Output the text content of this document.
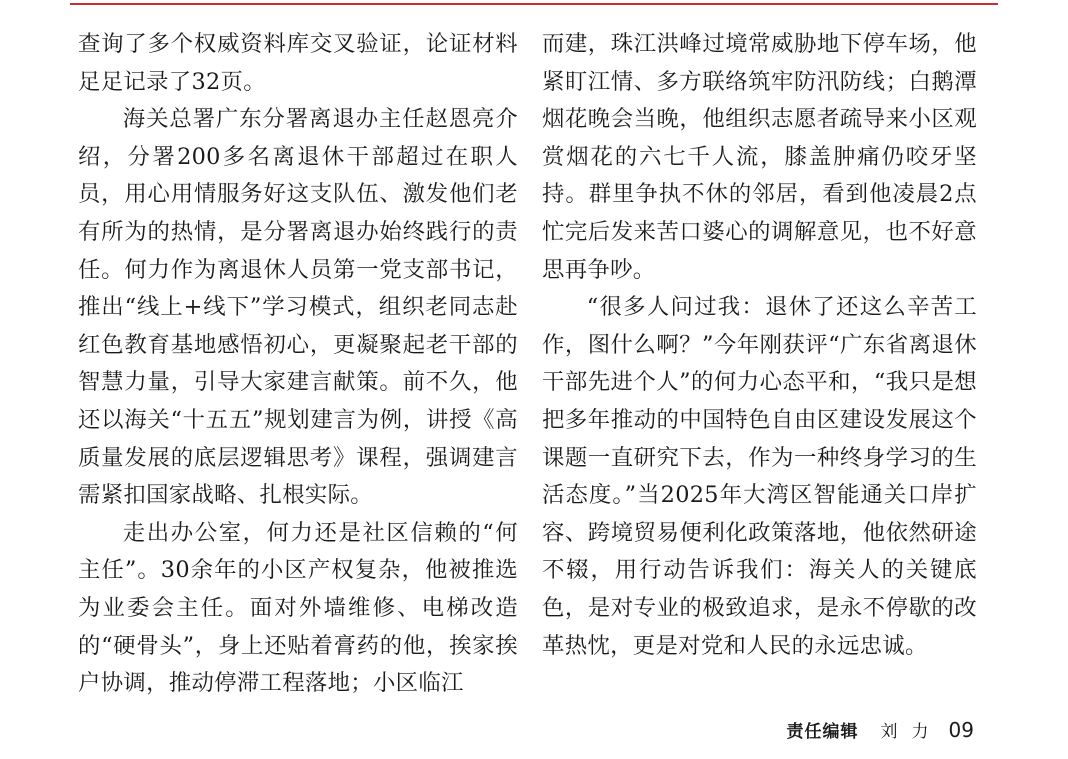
查询了多个权威资料库交叉验证，论证材料足足记录了32页。

海关总署广东分署离退办主任赵恩亮介绍，分署200多名离退休干部超过在职人员，用心用情服务好这支队伍、激发他们老有所为的热情，是分署离退办始终践行的责任。何力作为离退休人员第一党支部书记，推出“线上+线下”学习模式，组织老同志赴红色教育基地感悟初心，更凝聚起老干部的智慧力量，引导大家建言献策。前不久，他还以海关“十五五”规划建言为例，讲授《高质量发展的底层逻辑思考》课程，强调建言需紧扣国家战略、扎根实际。

走出办公室，何力还是社区信赖的“何主任”。30余年的小区产权复杂，他被推选为业委会主任。面对外墙维修、电梯改造的“硬骨头”，身上还贴着膏药的他，挨家挨户协调，推动停滞工程落地；小区临江

而建，珠江洪峰过境常威胁地下停车场，他紧盯江情、多方联络筑牢防汛防线；白鹅潭烟花晚会当晚，他组织志愿者疏导来小区观赏烟花的六七千人流，膝盖肿痛仍咬牙坚持。群里争执不休的邻居，看到他凌晨2点忙完后发来苦口婆心的调解意见，也不好意思再争吵。

“很多人问过我：退休了还这么辛苦工作，图什么啊？”今年刚获评“广东省离退休干部先进个人”的何力心态平和，“我只是想把多年推动的中国特色自由区建设发展这个课题一直研究下去，作为一种终身学习的生活态度。”当2025年大湾区智能通关口岸扩容、跨境贸易便利化政策落地，他依然研途不辍，用行动告诉我们：海关人的关键底色，是对专业的极致追求，是永不停歇的改革热忱，更是对党和人民的永远忠诚。

责任编辑 刘力 09
